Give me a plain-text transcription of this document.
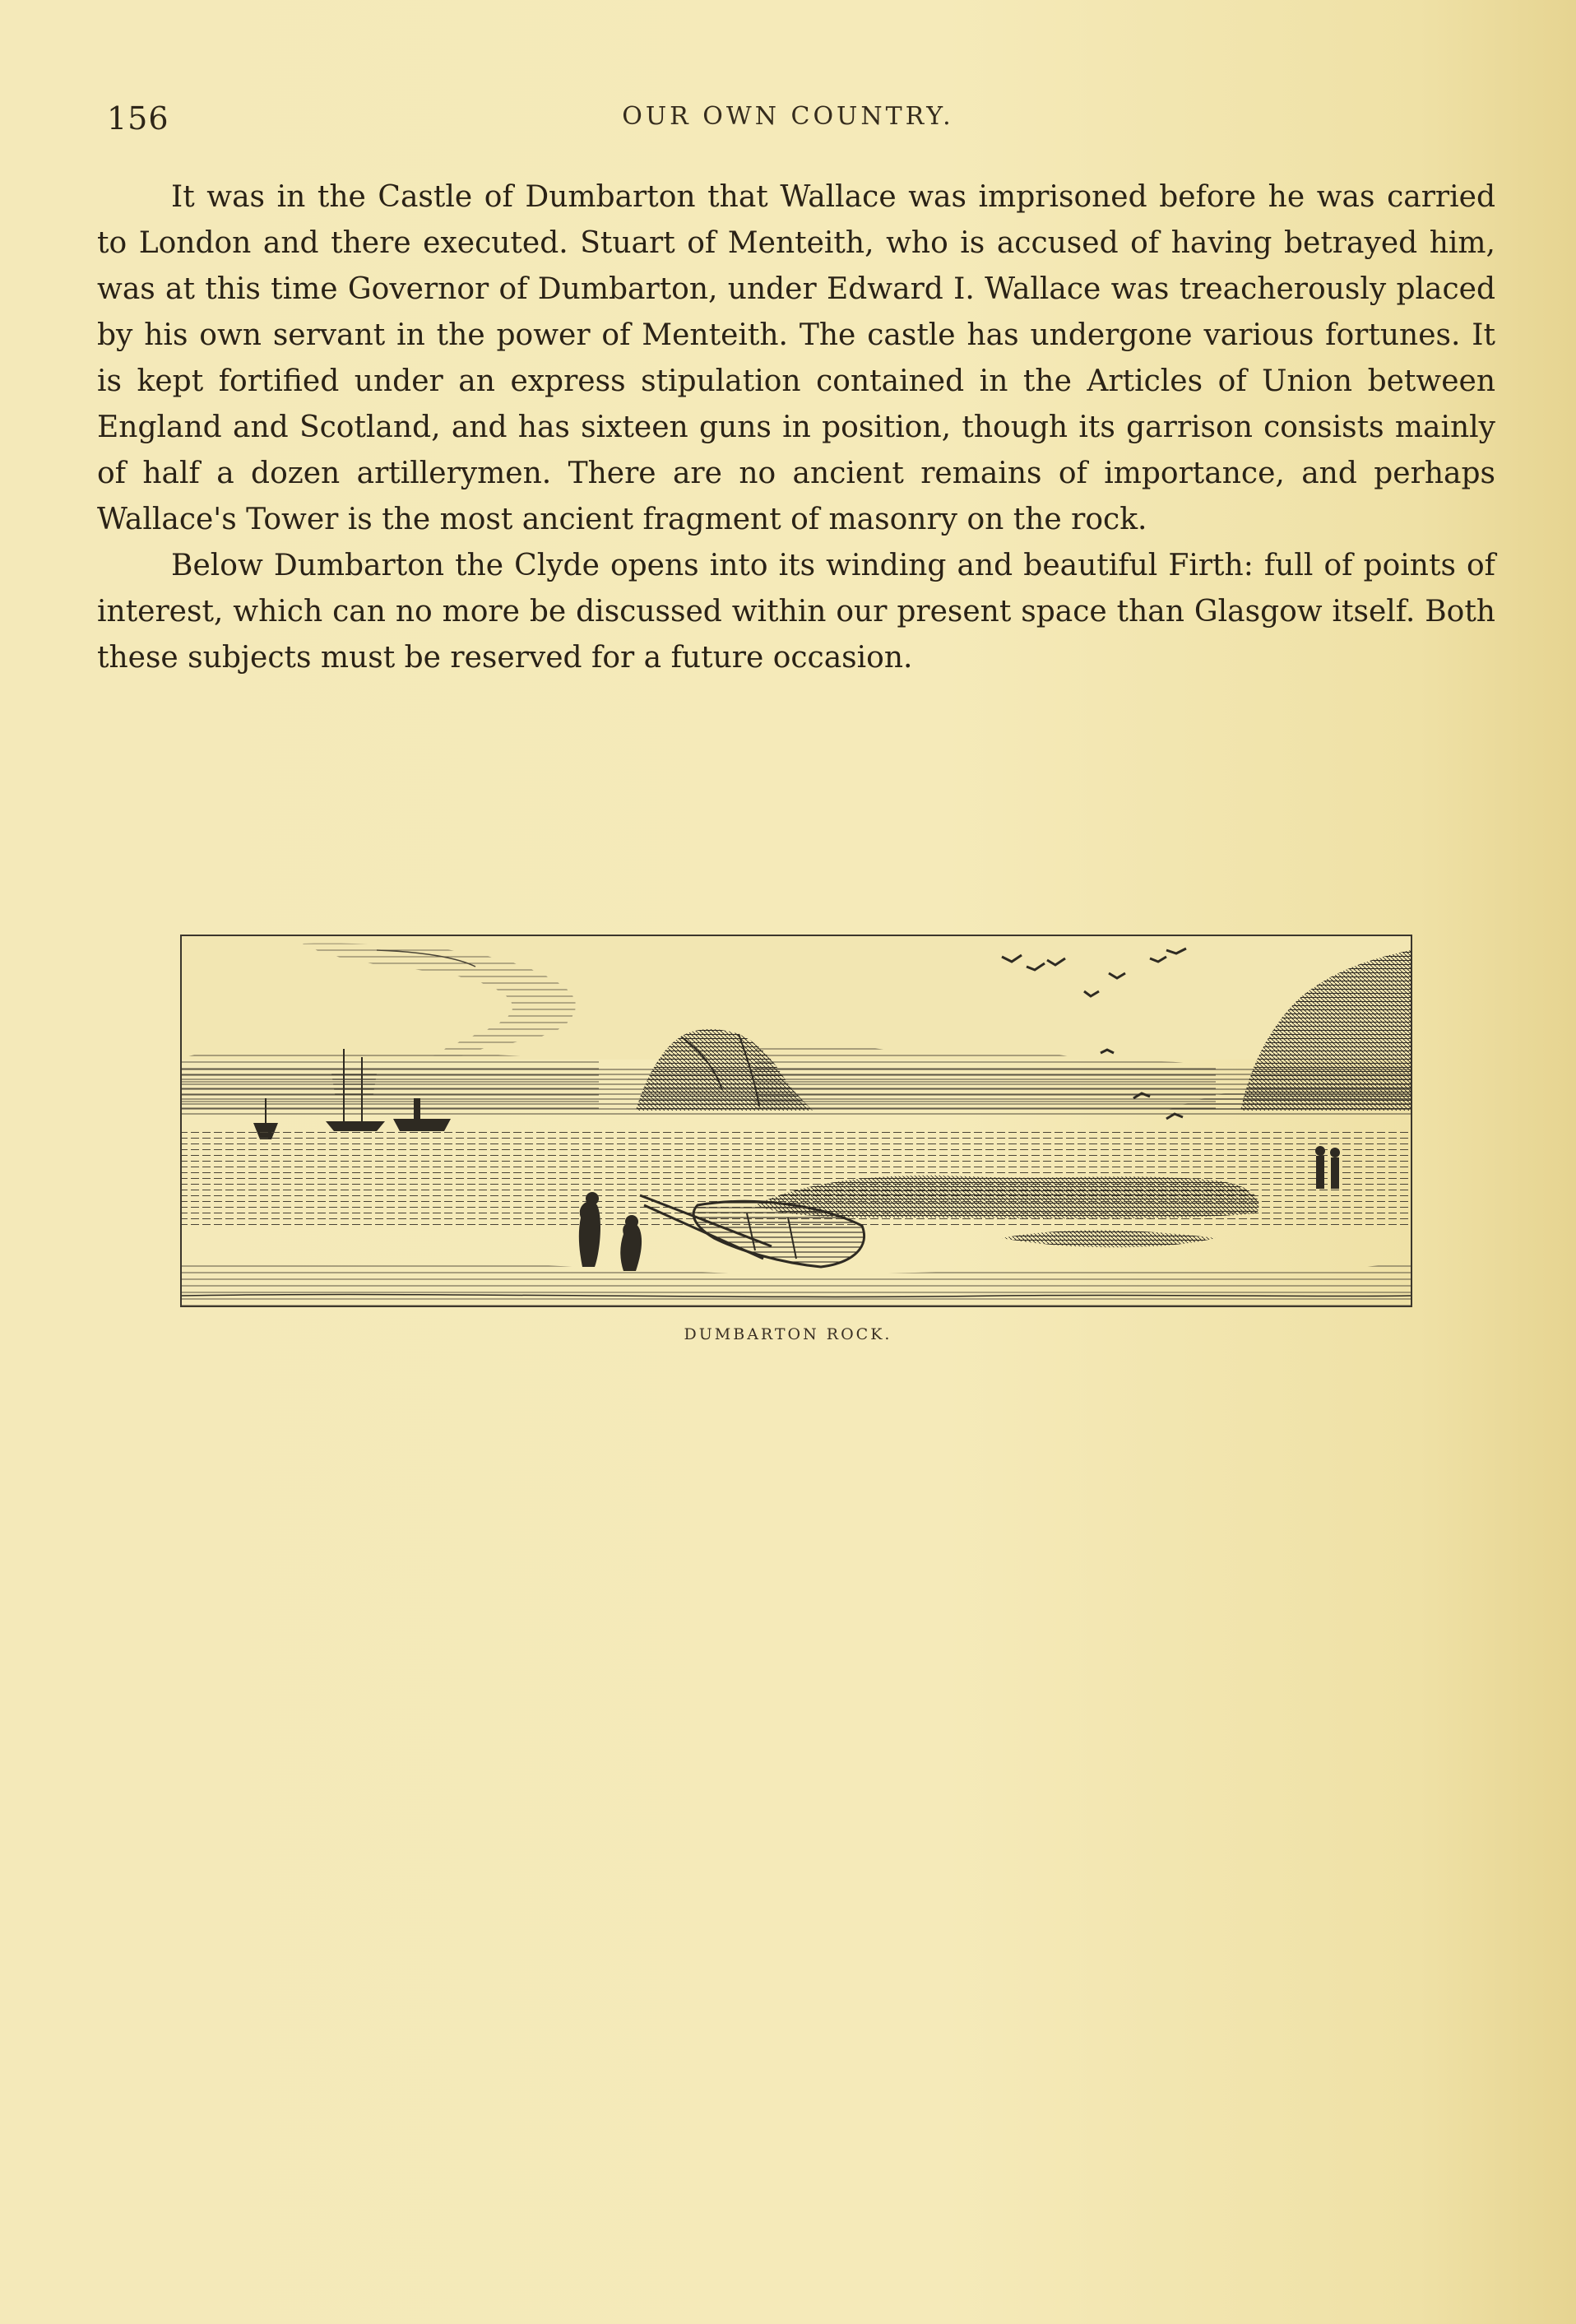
156	OUR OWN COUNTRY.

It was in the Castle of Dumbarton that Wallace was imprisoned before he was carried to London and there executed. Stuart of Menteith, who is accused of having betrayed him, was at this time Governor of Dumbarton, under Edward I. Wallace was treacherously placed by his own servant in the power of Menteith. The castle has undergone various fortunes. It is kept fortified under an express stipulation contained in the Articles of Union between England and Scotland, and has sixteen guns in position, though its garrison consists mainly of half a dozen artillerymen. There are no ancient remains of importance, and perhaps Wallace's Tower is the most ancient fragment of masonry on the rock.

Below Dumbarton the Clyde opens into its winding and beautiful Firth: full of points of interest, which can no more be discussed within our present space than Glasgow itself. Both these subjects must be reserved for a future occasion.

DUMBARTON ROCK.
